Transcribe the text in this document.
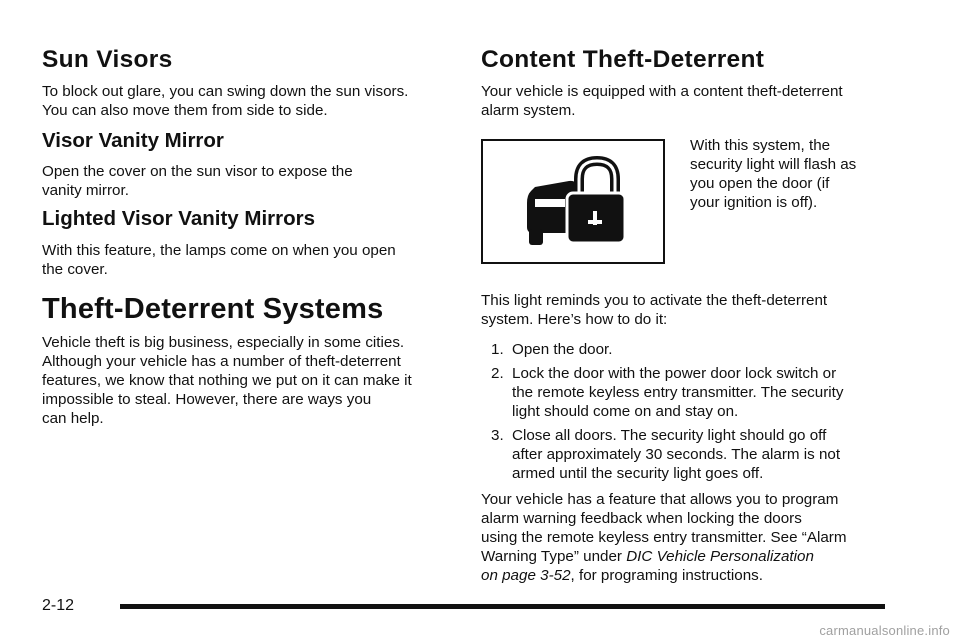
Sun Visors
To block out glare, you can swing down the sun visors.
You can also move them from side to side.
Visor Vanity Mirror
Open the cover on the sun visor to expose the
vanity mirror.
Lighted Visor Vanity Mirrors
With this feature, the lamps come on when you open
the cover.
Theft-Deterrent Systems
Vehicle theft is big business, especially in some cities.
Although your vehicle has a number of theft-deterrent
features, we know that nothing we put on it can make it
impossible to steal. However, there are ways you
can help.
Content Theft-Deterrent
Your vehicle is equipped with a content theft-deterrent
alarm system.
With this system, the
security light will flash as
you open the door (if
your ignition is off).
This light reminds you to activate the theft-deterrent
system. Here’s how to do it:
1. Open the door.
2. Lock the door with the power door lock switch or
the remote keyless entry transmitter. The security
light should come on and stay on.
3. Close all doors. The security light should go off
after approximately 30 seconds. The alarm is not
armed until the security light goes off.
Your vehicle has a feature that allows you to program
alarm warning feedback when locking the doors
using the remote keyless entry transmitter. See “Alarm
Warning Type” under DIC Vehicle Personalization
on page 3-52, for programing instructions.
2-12
carmanualsonline.info
